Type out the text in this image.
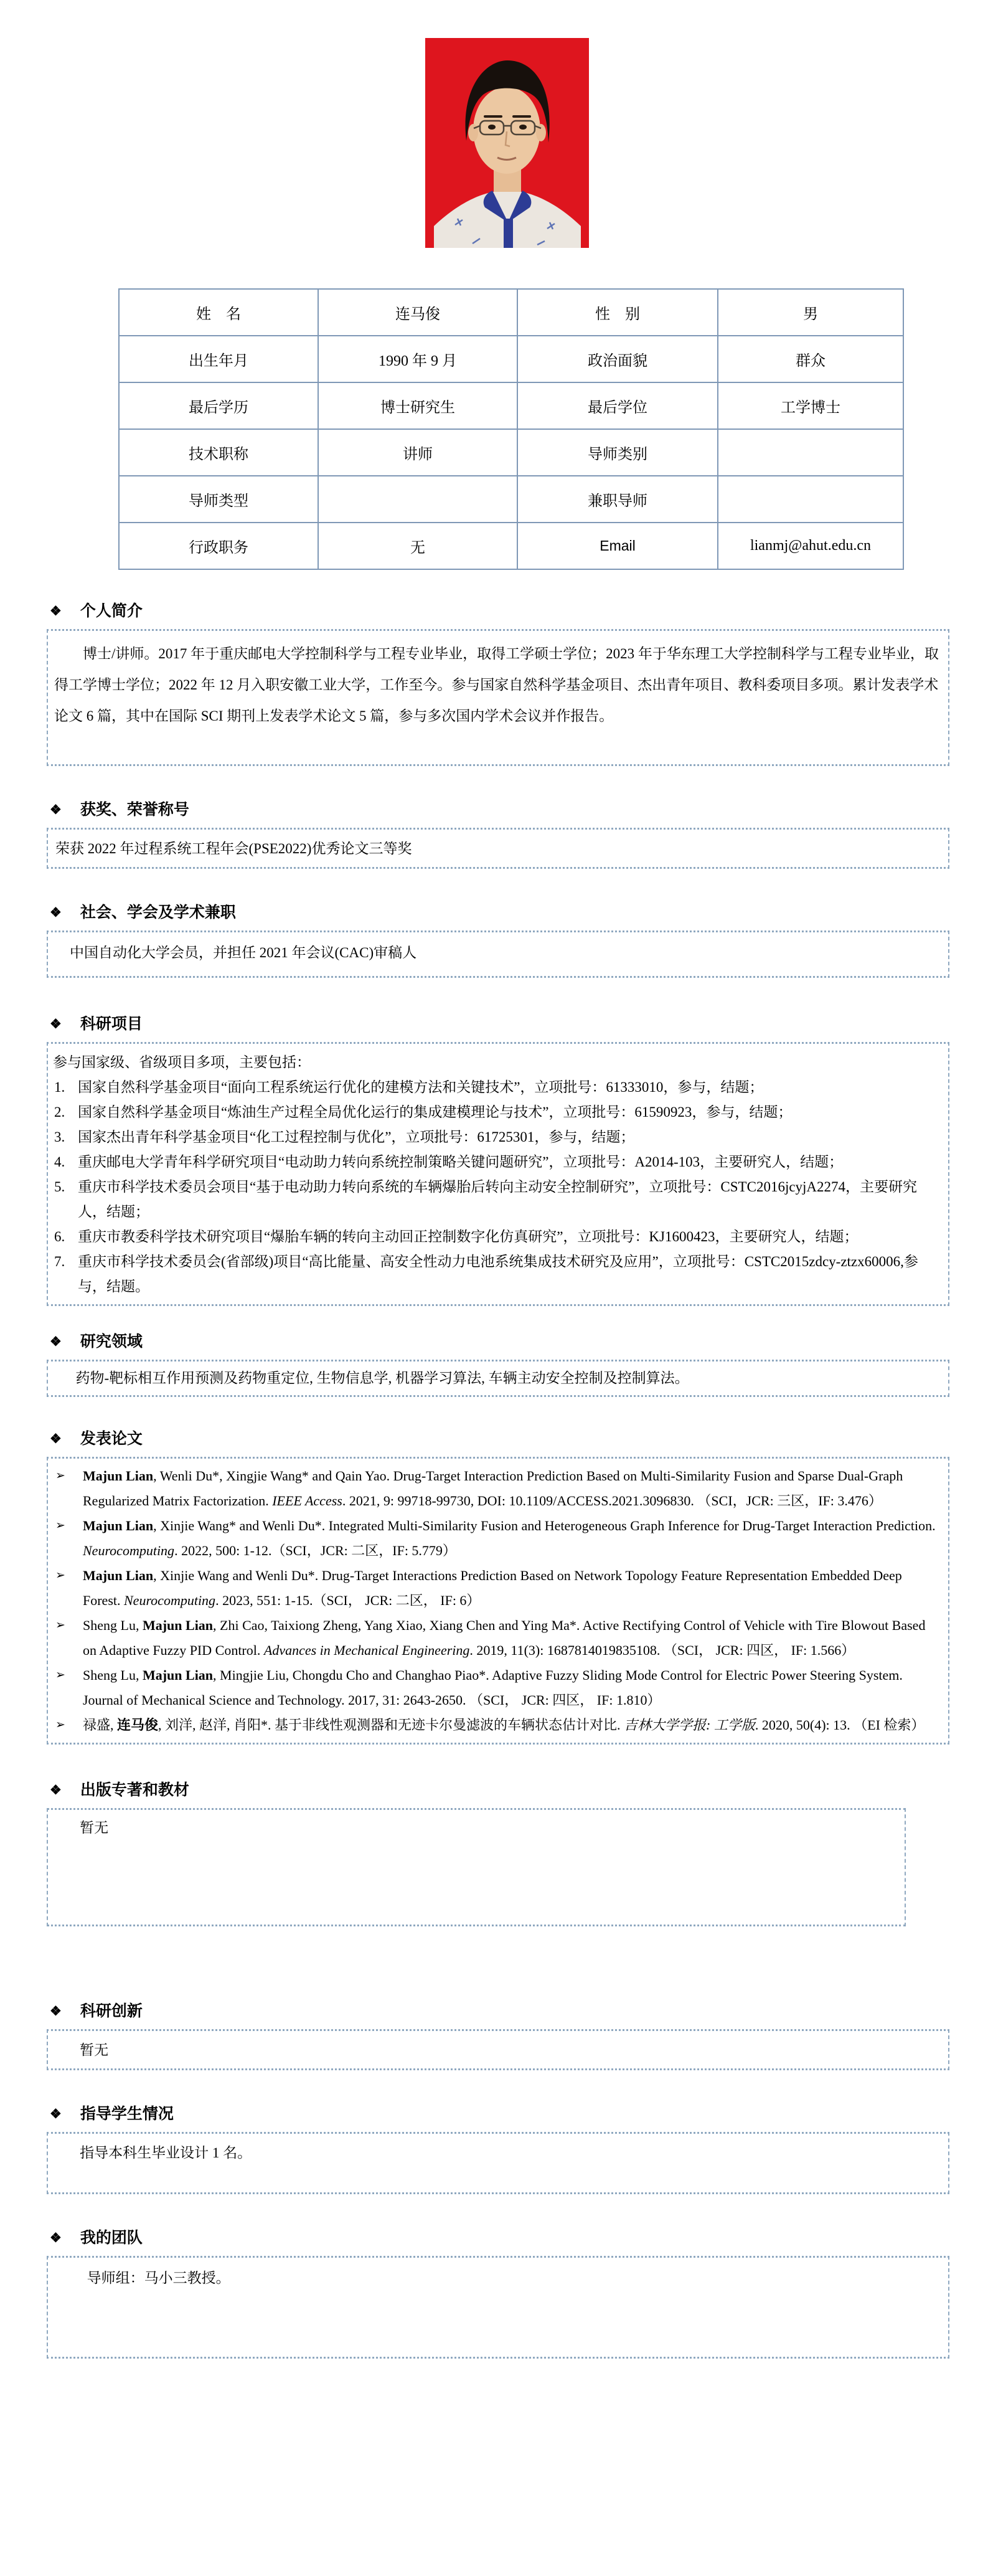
姓　名	连马俊	性　别	男
出生年月	1990 年 9 月	政治面貌	群众
最后学历	博士研究生	最后学位	工学博士
技术职称	讲师	导师类别	
导师类型		兼职导师	
行政职务	无	Email	lianmj@ahut.edu.cn
❖ 个人简介

博士/讲师。2017 年于重庆邮电大学控制科学与工程专业毕业，取得工学硕士学位；2023 年于华东理工大学控制科学与工程专业毕业，取得工学博士学位；2022 年 12 月入职安徽工业大学，工作至今。参与国家自然科学基金项目、杰出青年项目、教科委项目多项。累计发表学术论文 6 篇，其中在国际 SCI 期刊上发表学术论文 5 篇，参与多次国内学术会议并作报告。

❖ 获奖、荣誉称号

荣获 2022 年过程系统工程年会(PSE2022)优秀论文三等奖

❖ 社会、学会及学术兼职

中国自动化大学会员，并担任 2021 年会议(CAC)审稿人

❖ 科研项目

参与国家级、省级项目多项，主要包括：

1. 国家自然科学基金项目“面向工程系统运行优化的建模方法和关键技术”，立项批号：61333010，参与，结题；
2. 国家自然科学基金项目“炼油生产过程全局优化运行的集成建模理论与技术”，立项批号：61590923，参与，结题；
3. 国家杰出青年科学基金项目“化工过程控制与优化”，立项批号：61725301，参与，结题；
4. 重庆邮电大学青年科学研究项目“电动助力转向系统控制策略关键问题研究”，立项批号：A2014-103，主要研究人，结题；
5. 重庆市科学技术委员会项目“基于电动助力转向系统的车辆爆胎后转向主动安全控制研究”，立项批号：CSTC2016jcyjA2274，主要研究人，结题；
6. 重庆市教委科学技术研究项目“爆胎车辆的转向主动回正控制数字化仿真研究”，立项批号：KJ1600423，主要研究人，结题；
7. 重庆市科学技术委员会(省部级)项目“高比能量、高安全性动力电池系统集成技术研究及应用”，立项批号：CSTC2015zdcy-ztzx60006,参与，结题。
❖ 研究领域

药物-靶标相互作用预测及药物重定位, 生物信息学, 机器学习算法, 车辆主动安全控制及控制算法。

❖ 发表论文
➢	Majun Lian, Wenli Du*, Xingjie Wang* and Qain Yao. Drug-Target Interaction Prediction Based on Multi-Similarity Fusion and Sparse Dual-Graph Regularized Matrix Factorization. IEEE Access. 2021, 9: 99718-99730, DOI: 10.1109/ACCESS.2021.3096830. （SCI，JCR: 三区，IF: 3.476）
➢	Majun Lian, Xinjie Wang* and Wenli Du*. Integrated Multi-Similarity Fusion and Heterogeneous Graph Inference for Drug-Target Interaction Prediction. Neurocomputing. 2022, 500: 1-12.（SCI，JCR: 二区，IF: 5.779）
➢	Majun Lian, Xinjie Wang and Wenli Du*. Drug-Target Interactions Prediction Based on Network Topology Feature Representation Embedded Deep Forest. Neurocomputing. 2023, 551: 1-15.（SCI， JCR: 二区， IF: 6）
➢	Sheng Lu, Majun Lian, Zhi Cao, Taixiong Zheng, Yang Xiao, Xiang Chen and Ying Ma*. Active Rectifying Control of Vehicle with Tire Blowout Based on Adaptive Fuzzy PID Control. Advances in Mechanical Engineering. 2019, 11(3): 1687814019835108. （SCI， JCR: 四区， IF: 1.566）
➢	Sheng Lu, Majun Lian, Mingjie Liu, Chongdu Cho and Changhao Piao*. Adaptive Fuzzy Sliding Mode Control for Electric Power Steering System. Journal of Mechanical Science and Technology. 2017, 31: 2643-2650. （SCI， JCR: 四区， IF: 1.810）
➢	禄盛, 连马俊, 刘洋, 赵洋, 肖阳*. 基于非线性观测器和无迹卡尔曼滤波的车辆状态估计对比. 吉林大学学报: 工学版. 2020, 50(4): 13. （EI 检索）
❖ 出版专著和教材

暂无

❖ 科研创新

暂无

❖ 指导学生情况

指导本科生毕业设计 1 名。

❖ 我的团队

导师组：马小三教授。
